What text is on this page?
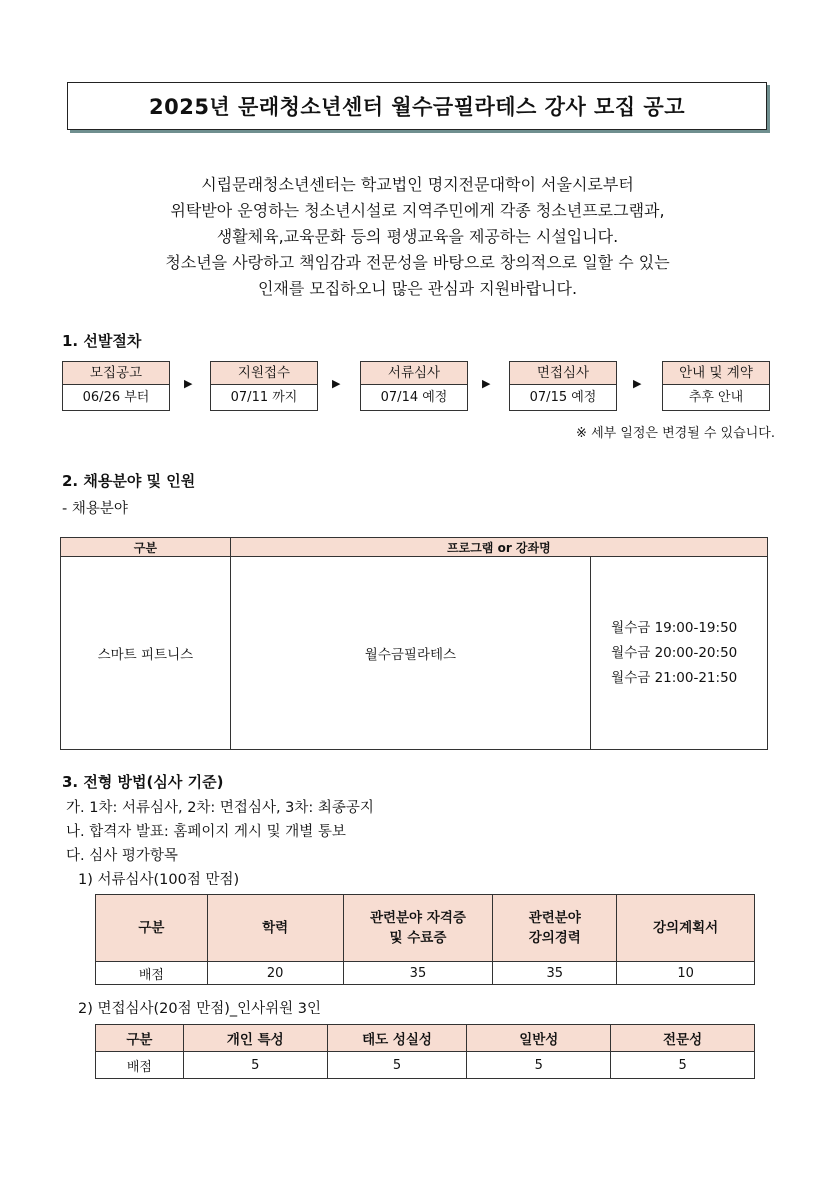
2025년 문래청소년센터 월수금필라테스 강사 모집 공고
시립문래청소년센터는 학교법인 명지전문대학이 서울시로부터
위탁받아 운영하는 청소년시설로 지역주민에게 각종 청소년프로그램과,
생활체육,교육문화 등의 평생교육을 제공하는 시설입니다.
청소년을 사랑하고 책임감과 전문성을 바탕으로 창의적으로 일할 수 있는
인재를 모집하오니 많은 관심과 지원바랍니다.
1. 선발절차
모집공고
06/26 부터
▶
지원접수
07/11 까지
▶
서류심사
07/14 예정
▶
면접심사
07/15 예정
▶
안내 및 계약
추후 안내
※ 세부 일정은 변경될 수 있습니다.
2. 채용분야 및 인원
- 채용분야
구분	프로그램 or 강좌명	
스마트 피트니스	월수금필라테스	월수금 19:00-19:50
월수금 20:00-20:50
월수금 21:00-21:50
3. 전형 방법(심사 기준)
가. 1차: 서류심사, 2차: 면접심사, 3차: 최종공지
나. 합격자 발표: 홈페이지 게시 및 개별 통보
다. 심사 평가항목
1) 서류심사(100점 만점)
구분	학력	관련분야 자격증 및 수료증	관련분야 강의경력	강의계획서
배점	20	35	35	10
2) 면접심사(20점 만점)_인사위원 3인
구분	개인 특성	태도 성실성	일반성	전문성
배점	5	5	5	5
